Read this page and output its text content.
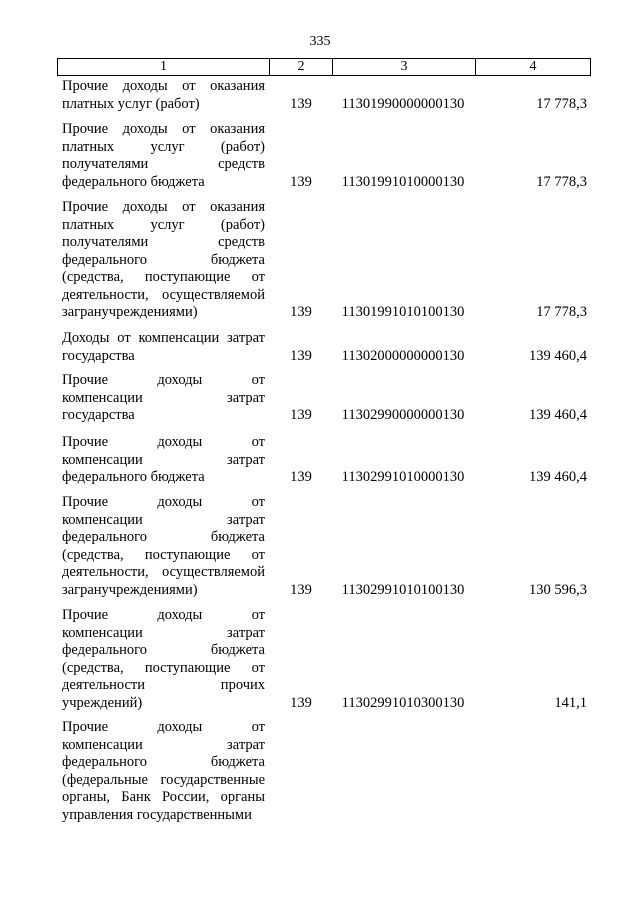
335
1	2	3	4
Прочие доходы от оказания
платных услуг (работ)	139	11301990000000130	17 778,3
Прочие доходы от оказания
платных услуг (работ)
получателями средств
федерального бюджета	139	11301991010000130	17 778,3
Прочие доходы от оказания
платных услуг (работ)
получателями средств
федерального бюджета
(средства, поступающие от
деятельности, осуществляемой
загранучреждениями)	139	11301991010100130	17 778,3
Доходы от компенсации затрат
государства	139	11302000000000130	139 460,4
Прочие доходы от
компенсации затрат
государства	139	11302990000000130	139 460,4
Прочие доходы от
компенсации затрат
федерального бюджета	139	11302991010000130	139 460,4
Прочие доходы от
компенсации затрат
федерального бюджета
(средства, поступающие от
деятельности, осуществляемой
загранучреждениями)	139	11302991010100130	130 596,3
Прочие доходы от
компенсации затрат
федерального бюджета
(средства, поступающие от
деятельности прочих
учреждений)	139	11302991010300130	141,1
Прочие доходы от
компенсации затрат
федерального бюджета
(федеральные государственные
органы, Банк России, органы
управления государственными
